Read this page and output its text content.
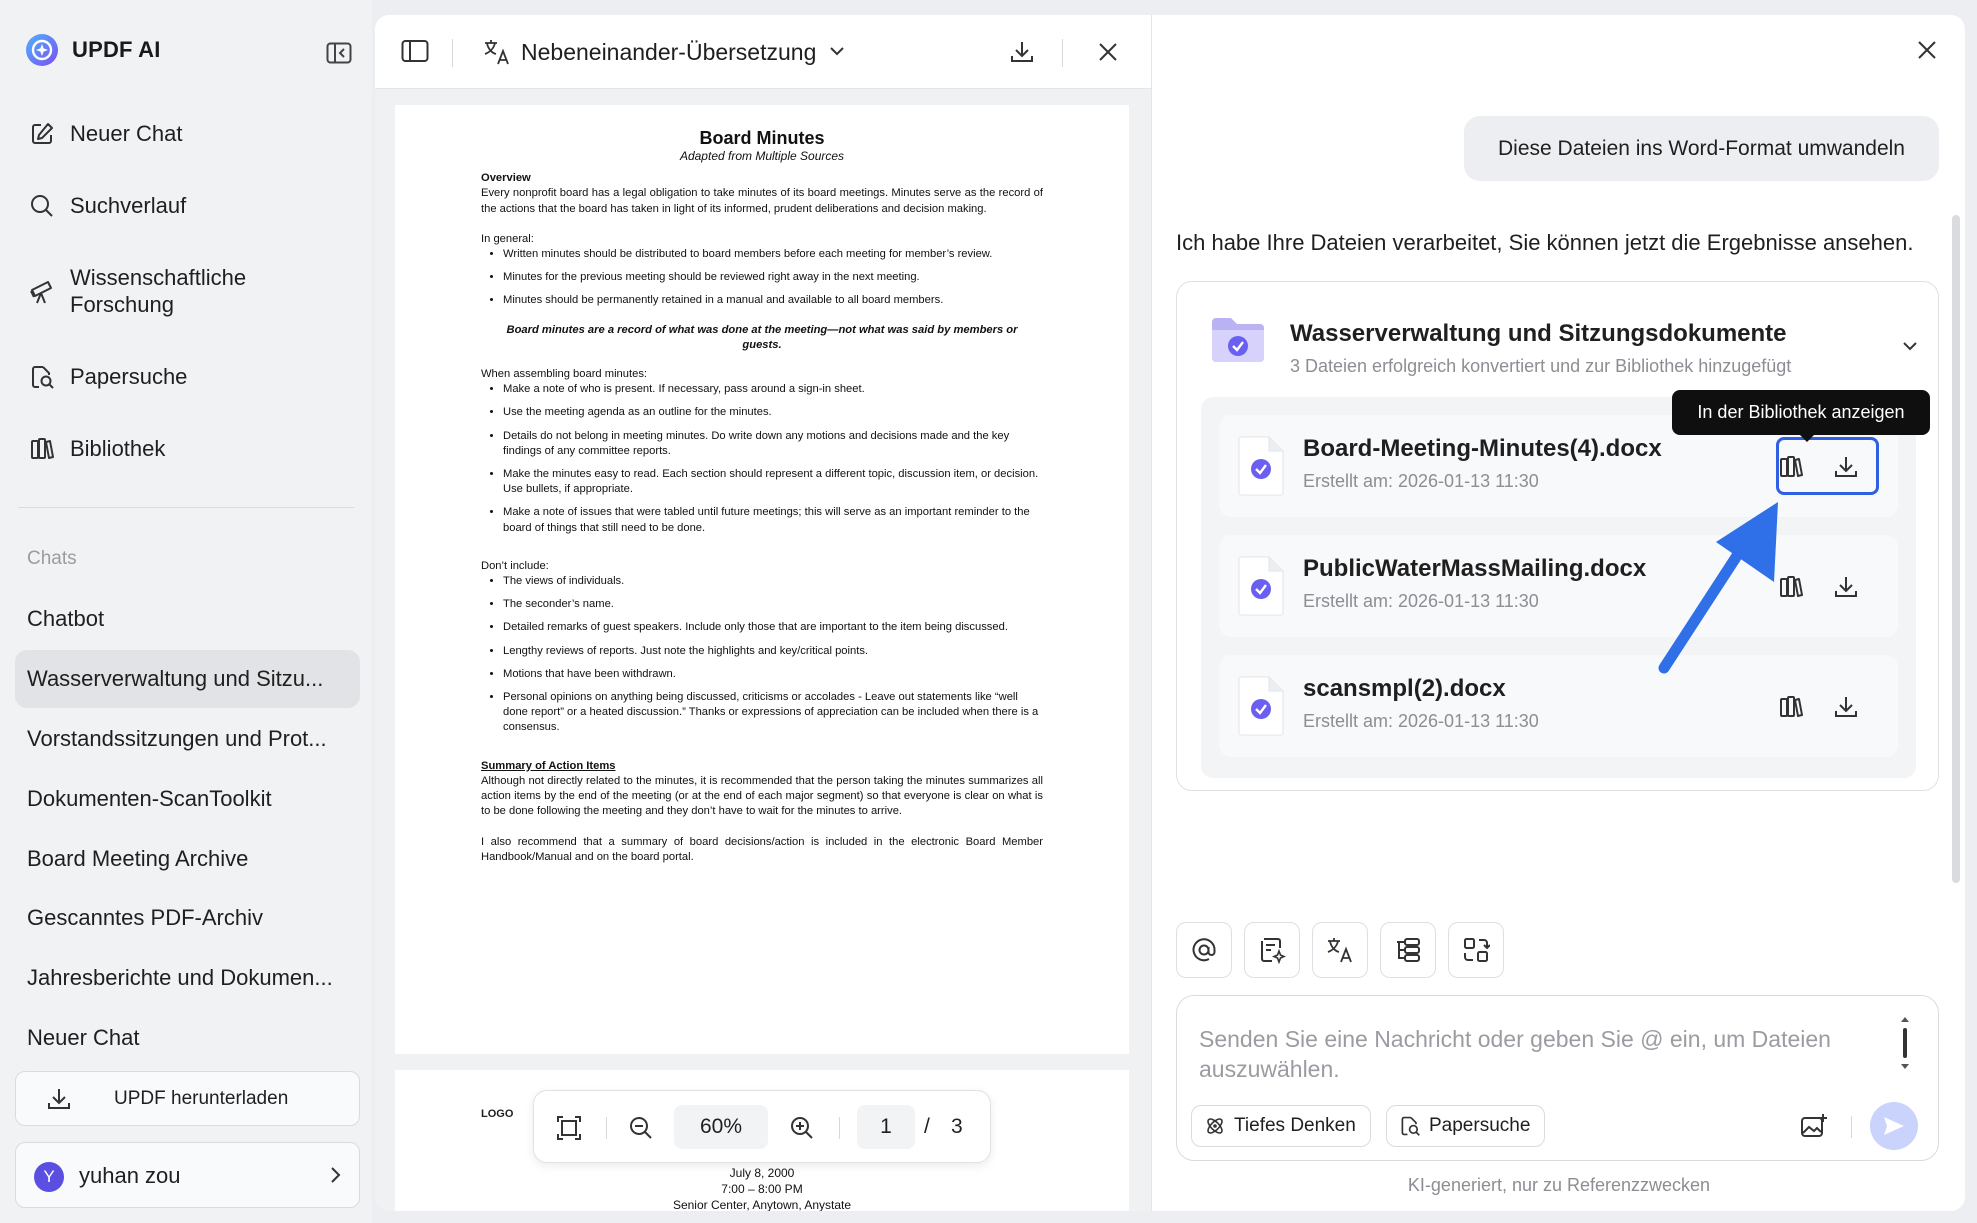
UPDF AI
Neuer Chat
Suchverlauf
Wissenschaftliche Forschung
Papersuche
Bibliothek
Chats
Chatbot
Wasserverwaltung und Sitzu...
Vorstandssitzungen und Prot...
Dokumenten-ScanToolkit
Board Meeting Archive
Gescanntes PDF-Archiv
Jahresberichte und Dokumen...
Neuer Chat
UPDF herunterladen
Y	yuhan zou
Nebeneinander-Übersetzung
Board Minutes
Adapted from Multiple Sources
Overview

Every nonprofit board has a legal obligation to take minutes of its board meetings. Minutes serve as the record of the actions that the board has taken in light of its informed, prudent deliberations and decision making.

In general:
• Written minutes should be distributed to board members before each meeting for member’s review.
• Minutes for the previous meeting should be reviewed right away in the next meeting.
• Minutes should be permanently retained in a manual and available to all board members.
Board minutes are a record of what was done at the meeting—not what was said by members or guests.
When assembling board minutes:
• Make a note of who is present. If necessary, pass around a sign-in sheet.
• Use the meeting agenda as an outline for the minutes.
• Details do not belong in meeting minutes. Do write down any motions and decisions made and the key findings of any committee reports.
• Make the minutes easy to read. Each section should represent a different topic, discussion item, or decision. Use bullets, if appropriate.
• Make a note of issues that were tabled until future meetings; this will serve as an important reminder to the board of things that still need to be done.
Don’t include:
• The views of individuals.
• The seconder’s name.
• Detailed remarks of guest speakers. Include only those that are important to the item being discussed.
• Lengthy reviews of reports. Just note the highlights and key/critical points.
• Motions that have been withdrawn.
• Personal opinions on anything being discussed, criticisms or accolades - Leave out statements like “well done report” or a heated discussion.” Thanks or expressions of appreciation can be included when there is a consensus.
Summary of Action Items

Although not directly related to the minutes, it is recommended that the person taking the minutes summarizes all action items by the end of the meeting (or at the end of each major segment) so that everyone is clear on what is to be done following the meeting and they don’t have to wait for the minutes to arrive.

I also recommend that a summary of board decisions/action is included in the electronic Board Member Handbook/Manual and on the board portal.

LOGO
July 8, 2000
7:00 – 8:00 PM
Senior Center, Anytown, Anystate
60%	1	/ 3
Diese Dateien ins Word-Format umwandeln
Ich habe Ihre Dateien verarbeitet, Sie können jetzt die Ergebnisse ansehen.
Wasserverwaltung und Sitzungsdokumente
3 Dateien erfolgreich konvertiert und zur Bibliothek hinzugefügt
Board-Meeting-Minutes(4).docx
Erstellt am: 2026-01-13 11:30
PublicWaterMassMailing.docx
Erstellt am: 2026-01-13 11:30
scansmpl(2).docx
Erstellt am: 2026-01-13 11:30
Senden Sie eine Nachricht oder geben Sie @ ein, um Dateien auszuwählen.
Tiefes Denken	Papersuche
KI-generiert, nur zu Referenzzwecken
In der Bibliothek anzeigen
